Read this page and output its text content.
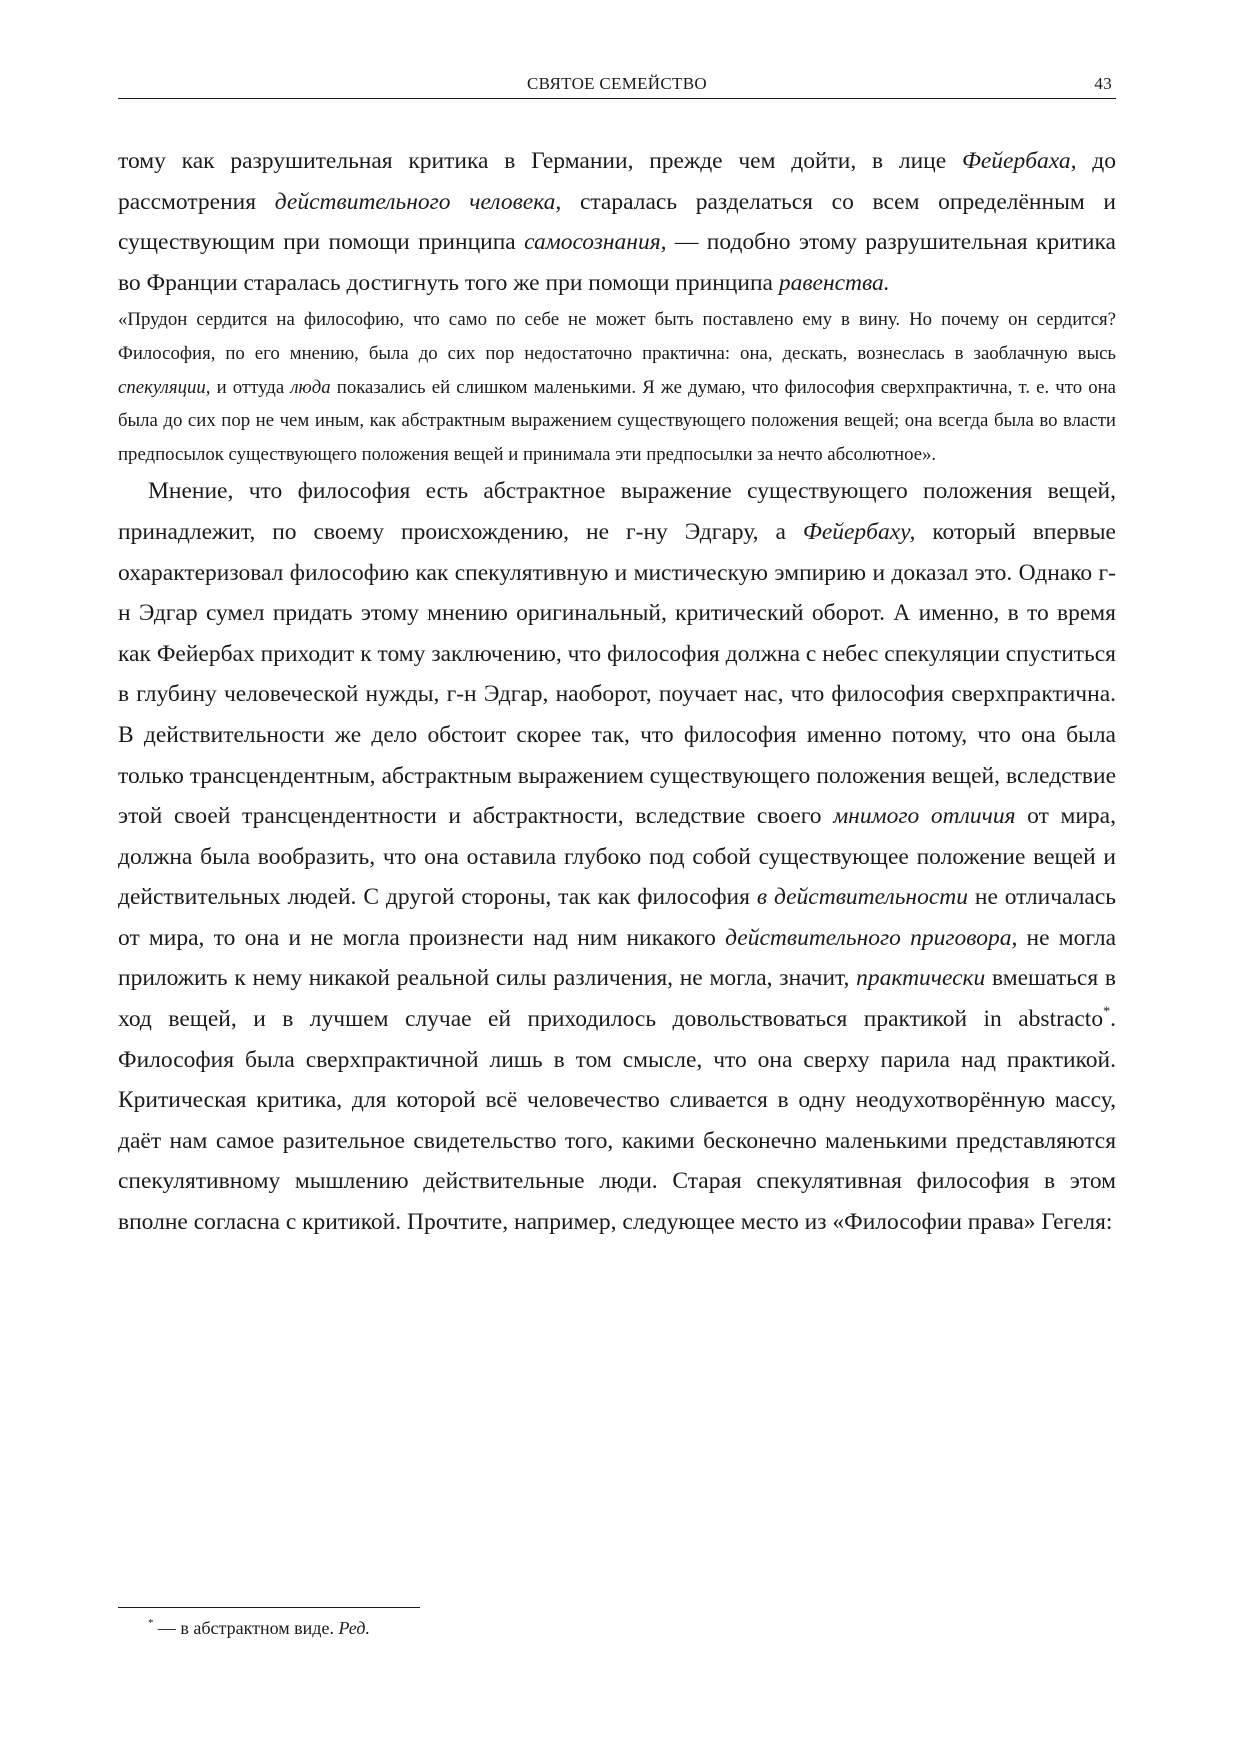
СВЯТОЕ СЕМЕЙСТВО	43

тому как разрушительная критика в Германии, прежде чем дойти, в лице Фейербаха, до рассмотрения действительного человека, старалась разделаться со всем определённым и существующим при помощи принципа самосознания, — подобно этому разрушительная критика во Франции старалась достигнуть того же при помощи принципа равенства.

«Прудон сердится на философию, что само по себе не может быть поставлено ему в вину. Но почему он сердится? Философия, по его мнению, была до сих пор недостаточно практична: она, дескать, вознеслась в заоблачную высь спекуляции, и оттуда люда показались ей слишком маленькими. Я же думаю, что философия сверхпрактична, т. е. что она была до сих пор не чем иным, как абстрактным выражением существующего положения вещей; она всегда была во власти предпосылок существующего положения вещей и принимала эти предпосылки за нечто абсолютное».

Мнение, что философия есть абстрактное выражение существующего положения вещей, принадлежит, по своему происхождению, не г-ну Эдгару, а Фейербаху, который впервые охарактеризовал философию как спекулятивную и мистическую эмпирию и доказал это. Однако г-н Эдгар сумел придать этому мнению оригинальный, критический оборот. А именно, в то время как Фейербах приходит к тому заключению, что философия должна с небес спекуляции спуститься в глубину человеческой нужды, г-н Эдгар, наоборот, поучает нас, что философия сверхпрактична. В действительности же дело обстоит скорее так, что философия именно потому, что она была только трансцендентным, абстрактным выражением существующего положения вещей, вследствие этой своей трансцендентности и абстрактности, вследствие своего мнимого отличия от мира, должна была вообразить, что она оставила глубоко под собой существующее положение вещей и действительных людей. С другой стороны, так как философия в действительности не отличалась от мира, то она и не могла произнести над ним никакого действительного приговора, не могла приложить к нему никакой реальной силы различения, не могла, значит, практически вмешаться в ход вещей, и в лучшем случае ей приходилось довольствоваться практикой in abstracto*. Философия была сверхпрактичной лишь в том смысле, что она сверху парила над практикой. Критическая критика, для которой всё человечество сливается в одну неодухотворённую массу, даёт нам самое разительное свидетельство того, какими бесконечно маленькими представляются спекулятивному мышлению действительные люди. Старая спекулятивная философия в этом вполне согласна с критикой. Прочтите, например, следующее место из «Философии права» Гегеля:

* — в абстрактном виде. Ред.
